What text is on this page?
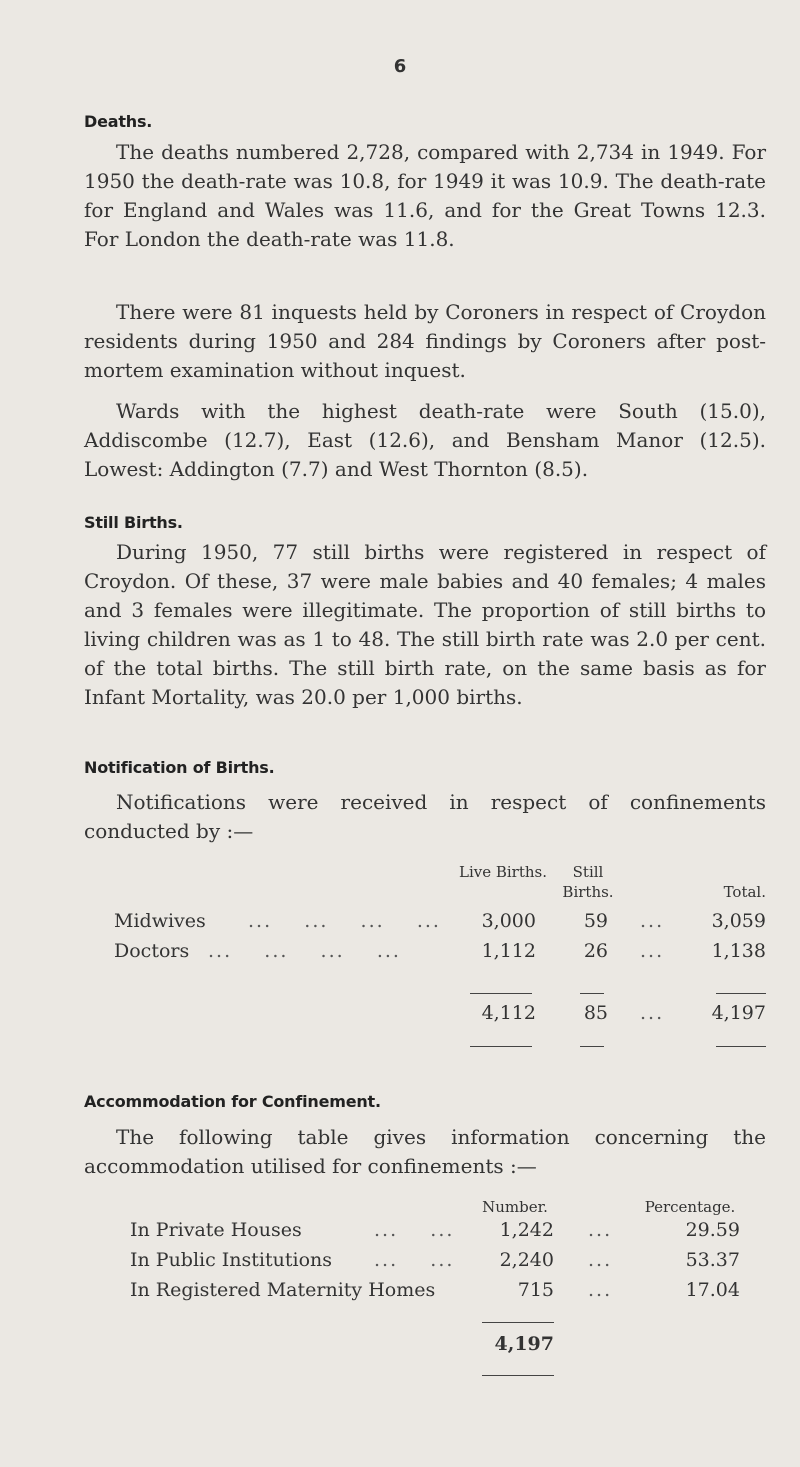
6
Deaths.

The deaths numbered 2,728, compared with 2,734 in 1949. For 1950 the death-rate was 10.8, for 1949 it was 10.9. The death-rate for England and Wales was 11.6, and for the Great Towns 12.3. For London the death-rate was 11.8.

There were 81 inquests held by Coroners in respect of Croydon residents during 1950 and 284 findings by Coroners after post-mortem examination without inquest.

Wards with the highest death-rate were South (15.0), Addiscombe (12.7), East (12.6), and Bensham Manor (12.5). Lowest: Addington (7.7) and West Thornton (8.5).

Still Births.

During 1950, 77 still births were registered in respect of Croydon. Of these, 37 were male babies and 40 females; 4 males and 3 females were illegitimate. The proportion of still births to living children was as 1 to 48. The still birth rate was 2.0 per cent. of the total births. The still birth rate, on the same basis as for Infant Mortality, was 20.0 per 1,000 births.

Notification of Births.

Notifications were received in respect of confinements conducted by :—

Live Births.	Still Births.	Total.
Midwives ...    ...    ...    ...	3,000	59 ...	3,059
Doctors ...    ...    ...    ...	1,112	26 ...	1,138
4,112	85 ...	4,197
Accommodation for Confinement.

The following table gives information concerning the accommodation utilised for confinements :—

Number.	Percentage.
In Private Houses	...    ...	1,242 ...	29.59
In Public Institutions ...    ...	2,240 ...	53.37
In Registered Maternity Homes	715 ...	17.04
4,197
